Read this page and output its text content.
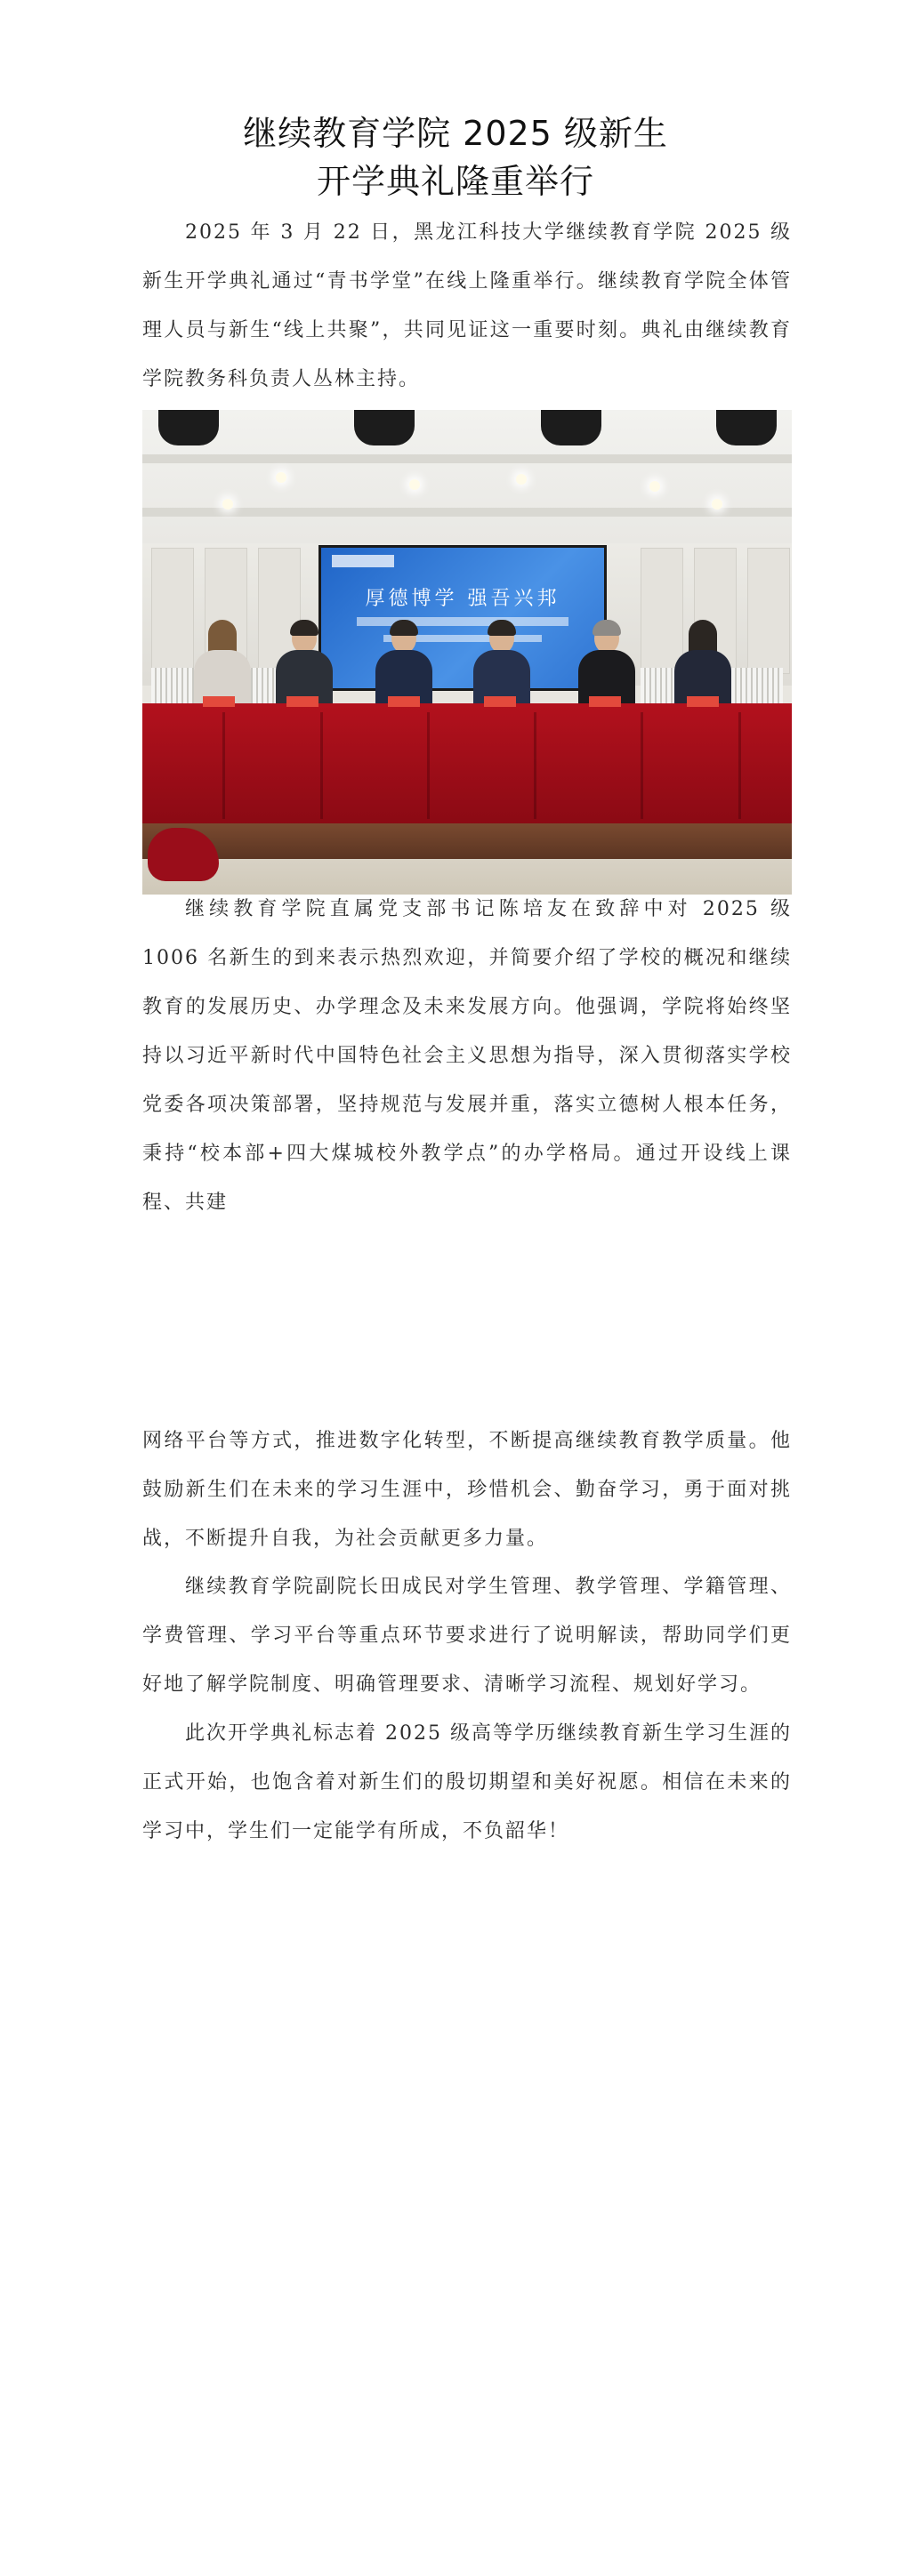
继续教育学院 2025 级新生
开学典礼隆重举行

2025 年 3 月 22 日，黑龙江科技大学继续教育学院 2025 级新生开学典礼通过“青书学堂”在线上隆重举行。继续教育学院全体管理人员与新生“线上共聚”，共同见证这一重要时刻。典礼由继续教育学院教务科负责人丛林主持。

厚德博学 强吾兴邦

继续教育学院直属党支部书记陈培友在致辞中对 2025 级 1006 名新生的到来表示热烈欢迎，并简要介绍了学校的概况和继续教育的发展历史、办学理念及未来发展方向。他强调，学院将始终坚持以习近平新时代中国特色社会主义思想为指导，深入贯彻落实学校党委各项决策部署，坚持规范与发展并重，落实立德树人根本任务，秉持“校本部+四大煤城校外教学点”的办学格局。通过开设线上课程、共建

网络平台等方式，推进数字化转型，不断提高继续教育教学质量。他鼓励新生们在未来的学习生涯中，珍惜机会、勤奋学习，勇于面对挑战，不断提升自我，为社会贡献更多力量。

继续教育学院副院长田成民对学生管理、教学管理、学籍管理、学费管理、学习平台等重点环节要求进行了说明解读，帮助同学们更好地了解学院制度、明确管理要求、清晰学习流程、规划好学习。

此次开学典礼标志着 2025 级高等学历继续教育新生学习生涯的正式开始，也饱含着对新生们的殷切期望和美好祝愿。相信在未来的学习中，学生们一定能学有所成，不负韶华！
